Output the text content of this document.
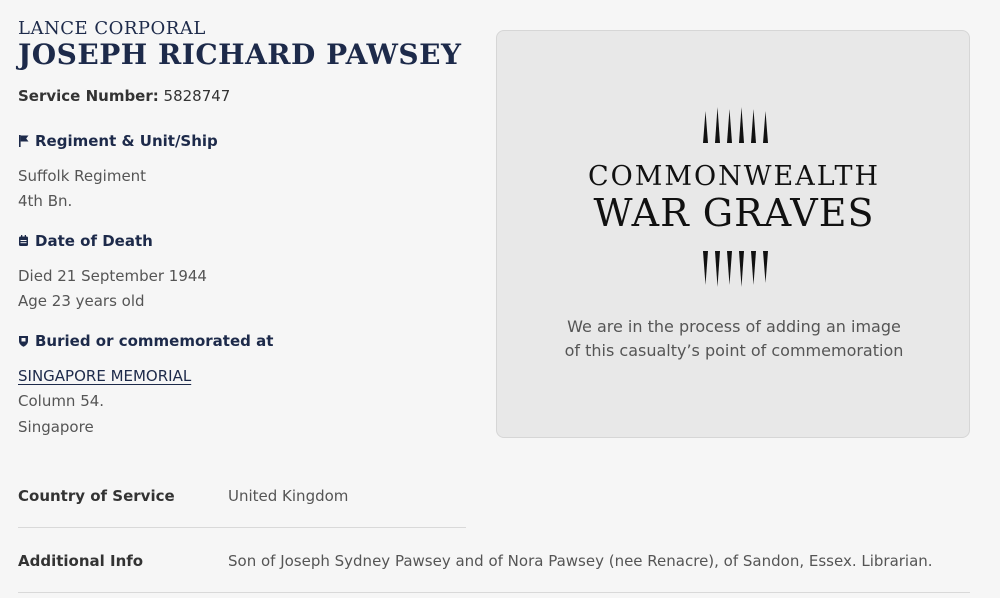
LANCE CORPORAL
JOSEPH RICHARD PAWSEY
Service Number: 5828747
Regiment & Unit/Ship
Suffolk Regiment
4th Bn.
Date of Death
Died 21 September 1944
Age 23 years old
Buried or commemorated at
SINGAPORE MEMORIAL
Column 54.
Singapore
COMMONWEALTH
WAR GRAVES
We are in the process of adding an image
of this casualty’s point of commemoration
Country of Service	United Kingdom
Additional Info	Son of Joseph Sydney Pawsey and of Nora Pawsey (nee Renacre), of Sandon, Essex. Librarian.
